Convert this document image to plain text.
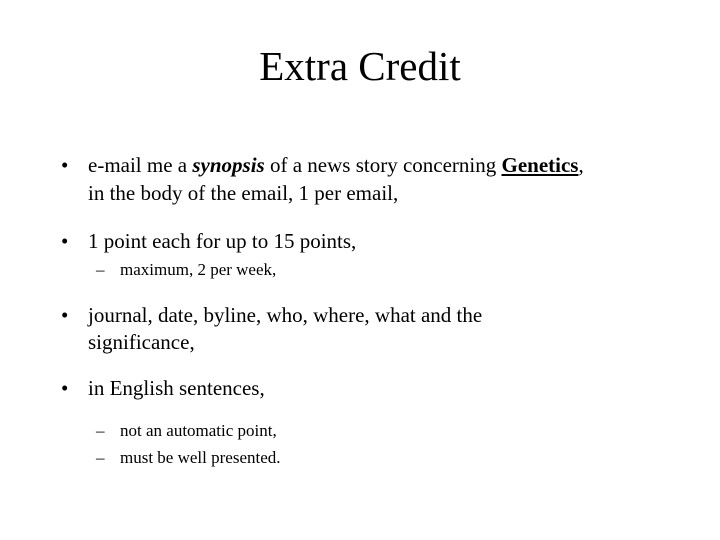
Extra Credit
• e-mail me a synopsis of a news story concerning Genetics,
in the body of the email, 1 per email,
• 1 point each for up to 15 points,
– maximum, 2 per week,
• journal, date, byline, who, where, what and the
significance,
• in English sentences,
– not an automatic point,
– must be well presented.
